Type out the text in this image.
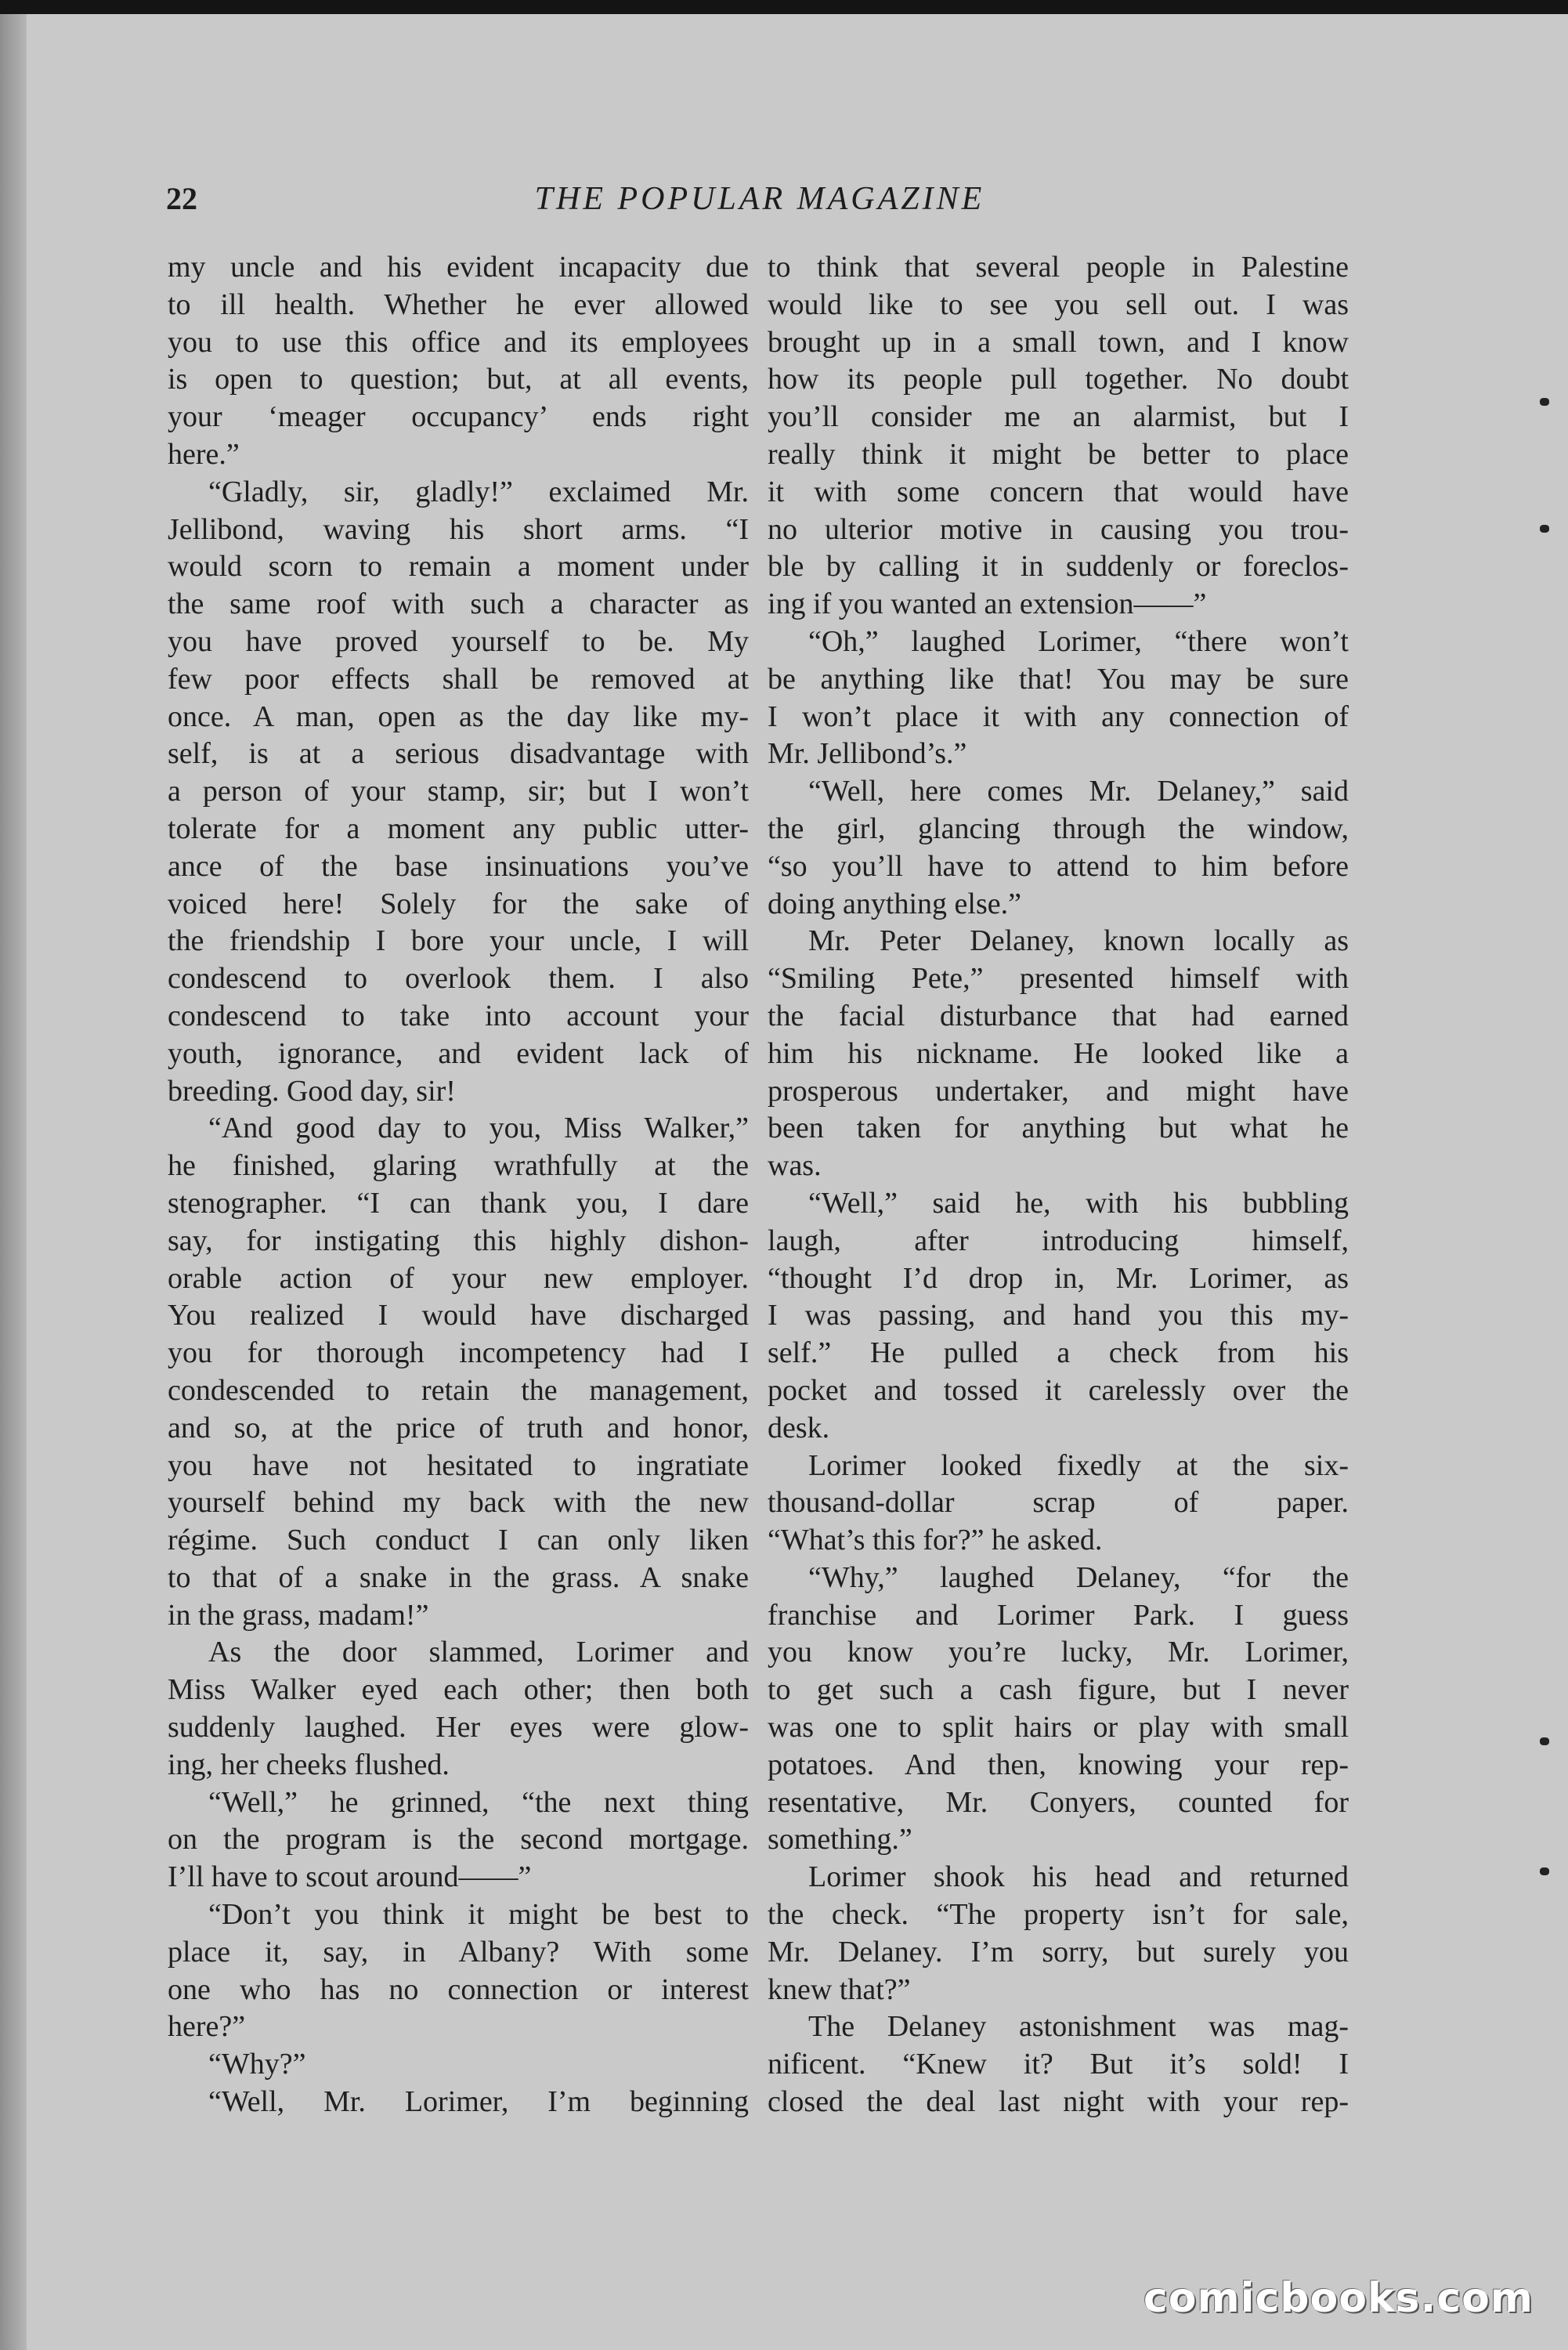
22	THE POPULAR MAGAZINE

my uncle and his evident incapacity due

to ill health. Whether he ever allowed

you to use this office and its employees

is open to question; but, at all events,

your ‘meager occupancy’ ends right

here.”

“Gladly, sir, gladly!” exclaimed Mr.

Jellibond, waving his short arms. “I

would scorn to remain a moment under

the same roof with such a character as

you have proved yourself to be. My

few poor effects shall be removed at

once. A man, open as the day like my-

self, is at a serious disadvantage with

a person of your stamp, sir; but I won’t

tolerate for a moment any public utter-

ance of the base insinuations you’ve

voiced here! Solely for the sake of

the friendship I bore your uncle, I will

condescend to overlook them. I also

condescend to take into account your

youth, ignorance, and evident lack of

breeding. Good day, sir!

“And good day to you, Miss Walker,”

he finished, glaring wrathfully at the

stenographer. “I can thank you, I dare

say, for instigating this highly dishon-

orable action of your new employer.

You realized I would have discharged

you for thorough incompetency had I

condescended to retain the management,

and so, at the price of truth and honor,

you have not hesitated to ingratiate

yourself behind my back with the new

régime. Such conduct I can only liken

to that of a snake in the grass. A snake

in the grass, madam!”

As the door slammed, Lorimer and

Miss Walker eyed each other; then both

suddenly laughed. Her eyes were glow-

ing, her cheeks flushed.

“Well,” he grinned, “the next thing

on the program is the second mortgage.

I’ll have to scout around——”

“Don’t you think it might be best to

place it, say, in Albany? With some

one who has no connection or interest

here?”

“Why?”

“Well, Mr. Lorimer, I’m beginning

to think that several people in Palestine

would like to see you sell out. I was

brought up in a small town, and I know

how its people pull together. No doubt

you’ll consider me an alarmist, but I

really think it might be better to place

it with some concern that would have

no ulterior motive in causing you trou-

ble by calling it in suddenly or foreclos-

ing if you wanted an extension——”

“Oh,” laughed Lorimer, “there won’t

be anything like that! You may be sure

I won’t place it with any connection of

Mr. Jellibond’s.”

“Well, here comes Mr. Delaney,” said

the girl, glancing through the window,

“so you’ll have to attend to him before

doing anything else.”

Mr. Peter Delaney, known locally as

“Smiling Pete,” presented himself with

the facial disturbance that had earned

him his nickname. He looked like a

prosperous undertaker, and might have

been taken for anything but what he

was.

“Well,” said he, with his bubbling

laugh, after introducing himself,

“thought I’d drop in, Mr. Lorimer, as

I was passing, and hand you this my-

self.” He pulled a check from his

pocket and tossed it carelessly over the

desk.

Lorimer looked fixedly at the six-

thousand-dollar scrap of paper.

“What’s this for?” he asked.

“Why,” laughed Delaney, “for the

franchise and Lorimer Park. I guess

you know you’re lucky, Mr. Lorimer,

to get such a cash figure, but I never

was one to split hairs or play with small

potatoes. And then, knowing your rep-

resentative, Mr. Conyers, counted for

something.”

Lorimer shook his head and returned

the check. “The property isn’t for sale,

Mr. Delaney. I’m sorry, but surely you

knew that?”

The Delaney astonishment was mag-

nificent. “Knew it? But it’s sold! I

closed the deal last night with your rep-

comicbooks.com
